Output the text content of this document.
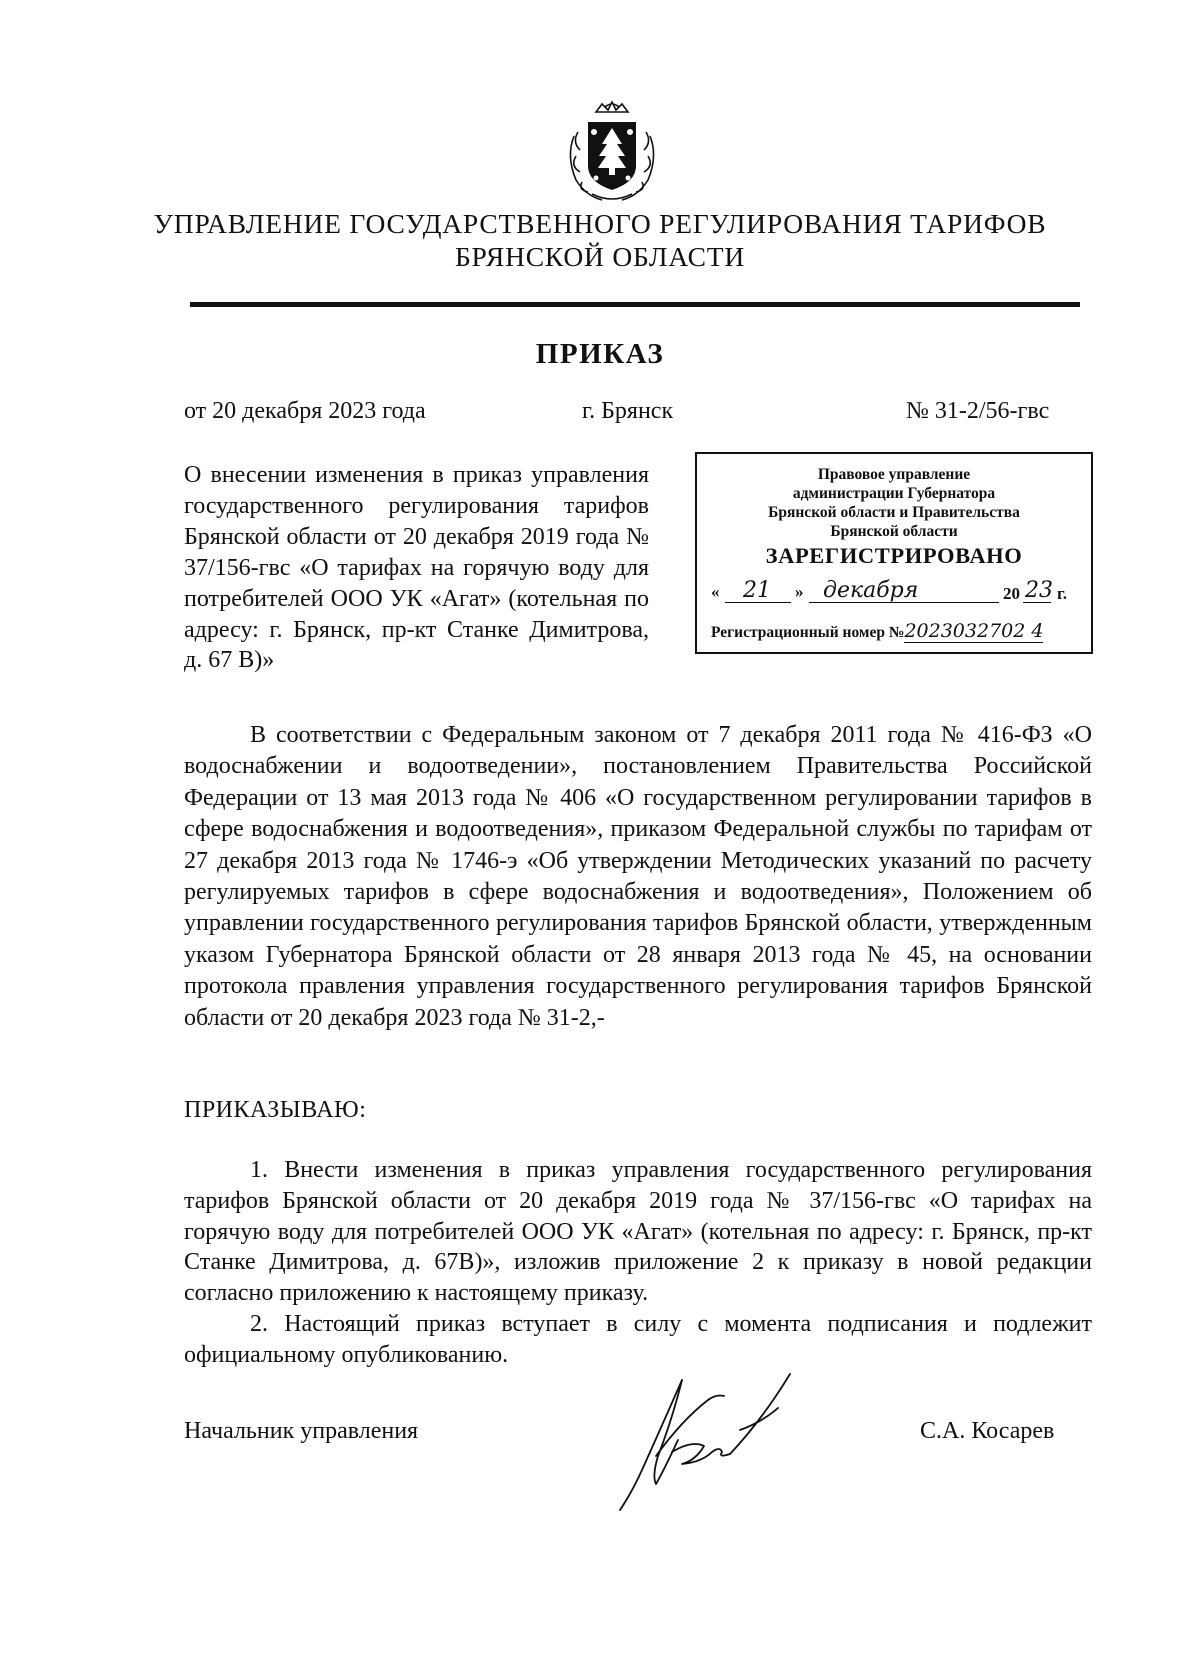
УПРАВЛЕНИЕ ГОСУДАРСТВЕННОГО РЕГУЛИРОВАНИЯ ТАРИФОВ
БРЯНСКОЙ ОБЛАСТИ
ПРИКАЗ
от 20 декабря 2023 года	г. Брянск	№ 31-2/56-гвс
О внесении изменения в приказ управления государственного регулирования тарифов Брянской области от 20 декабря 2019 года № 37/156-гвс «О тарифах на горячую воду для потребителей ООО УК «Агат» (котельная по адресу: г. Брянск, пр-кт Станке Димитрова, д. 67 В)»
Правовое управление
администрации Губернатора
Брянской области и Правительства
Брянской области
ЗАРЕГИСТРИРОВАНО
« 21 » декабря	20 23 г.
Регистрационный номер №2023032702 4

В соответствии с Федеральным законом от 7 декабря 2011 года № 416-ФЗ «О водоснабжении и водоотведении», постановлением Правительства Российской Федерации от 13 мая 2013 года № 406 «О государственном регулировании тарифов в сфере водоснабжения и водоотведения», приказом Федеральной службы по тарифам от 27 декабря 2013 года № 1746-э «Об утверждении Методических указаний по расчету регулируемых тарифов в сфере водоснабжения и водоотведения», Положением об управлении государственного регулирования тарифов Брянской области, утвержденным указом Губернатора Брянской области от 28 января 2013 года № 45, на основании протокола правления управления государственного регулирования тарифов Брянской области от 20 декабря 2023 года № 31-2,-

ПРИКАЗЫВАЮ:

1. Внести изменения в приказ управления государственного регулирования тарифов Брянской области от 20 декабря 2019 года № 37/156-гвс «О тарифах на горячую воду для потребителей ООО УК «Агат» (котельная по адресу: г. Брянск, пр-кт Станке Димитрова, д. 67В)», изложив приложение 2 к приказу в новой редакции согласно приложению к настоящему приказу.

2. Настоящий приказ вступает в силу с момента подписания и подлежит официальному опубликованию.

Начальник управления	С.А. Косарев
